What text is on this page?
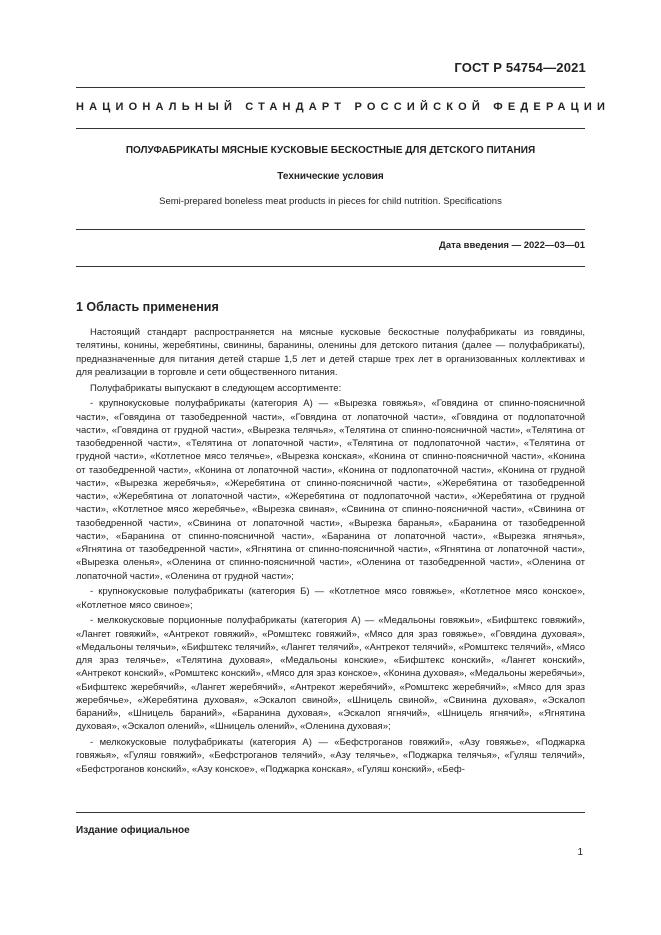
ГОСТ Р 54754—2021
НАЦИОНАЛЬНЫЙ СТАНДАРТ РОССИЙСКОЙ ФЕДЕРАЦИИ
ПОЛУФАБРИКАТЫ МЯСНЫЕ КУСКОВЫЕ БЕСКОСТНЫЕ ДЛЯ ДЕТСКОГО ПИТАНИЯ
Технические условия
Semi-prepared boneless meat products in pieces for child nutrition. Specifications
Дата введения — 2022—03—01
1 Область применения

Настоящий стандарт распространяется на мясные кусковые бескостные полуфабрикаты из говядины, телятины, конины, жеребятины, свинины, баранины, оленины для детского питания (далее — полуфабрикаты), предназначенные для питания детей старше 1,5 лет и детей старше трех лет в организованных коллективах и для реализации в торговле и сети общественного питания.

Полуфабрикаты выпускают в следующем ассортименте:

- крупнокусковые полуфабрикаты (категория А) — «Вырезка говяжья», «Говядина от спинно-поясничной части», «Говядина от тазобедренной части», «Говядина от лопаточной части», «Говядина от подлопаточной части», «Говядина от грудной части», «Вырезка телячья», «Телятина от спинно-поясничной части», «Телятина от тазобедренной части», «Телятина от лопаточной части», «Телятина от подлопаточной части», «Телятина от грудной части», «Котлетное мясо телячье», «Вырезка конская», «Конина от спинно-поясничной части», «Конина от тазобедренной части», «Конина от лопаточной части», «Конина от подлопаточной части», «Конина от грудной части», «Вырезка жеребячья», «Жеребятина от спинно-поясничной части», «Жеребятина от тазобедренной части», «Жеребятина от лопаточной части», «Жеребятина от подлопаточной части», «Жеребятина от грудной части», «Котлетное мясо жеребячье», «Вырезка свиная», «Свинина от спинно-поясничной части», «Свинина от тазобедренной части», «Свинина от лопаточной части», «Вырезка баранья», «Баранина от тазобедренной части», «Баранина от спинно-поясничной части», «Баранина от лопаточной части», «Вырезка ягнячья», «Ягнятина от тазобедренной части», «Ягнятина от спинно-поясничной части», «Ягнятина от лопаточной части», «Вырезка оленья», «Оленина от спинно-поясничной части», «Оленина от тазобедренной части», «Оленина от лопаточной части», «Оленина от грудной части»;

- крупнокусковые полуфабрикаты (категория Б) — «Котлетное мясо говяжье», «Котлетное мясо конское», «Котлетное мясо свиное»;

- мелкокусковые порционные полуфабрикаты (категория А) — «Медальоны говяжьи», «Бифштекс говяжий», «Лангет говяжий», «Антрекот говяжий», «Ромштекс говяжий», «Мясо для зраз говяжье», «Говядина духовая», «Медальоны телячьи», «Бифштекс телячий», «Лангет телячий», «Антрекот телячий», «Ромштекс телячий», «Мясо для зраз телячье», «Телятина духовая», «Медальоны конские», «Бифштекс конский», «Лангет конский», «Антрекот конский», «Ромштекс конский», «Мясо для зраз конское», «Конина духовая», «Медальоны жеребячьи», «Бифштекс жеребячий», «Лангет жеребячий», «Антрекот жеребячий», «Ромштекс жеребячий», «Мясо для зраз жеребячье», «Жеребятина духовая», «Эскалоп свиной», «Шницель свиной», «Свинина духовая», «Эскалоп бараний», «Шницель бараний», «Баранина духовая», «Эскалоп ягнячий», «Шницель ягнячий», «Ягнятина духовая», «Эскалоп олений», «Шницель олений», «Оленина духовая»;

- мелкокусковые полуфабрикаты (категория А) — «Бефстроганов говяжий», «Азу говяжье», «Поджарка говяжья», «Гуляш говяжий», «Бефстроганов телячий», «Азу телячье», «Поджарка телячья», «Гуляш телячий», «Бефстроганов конский», «Азу конское», «Поджарка конская», «Гуляш конский», «Беф-

Издание официальное
1
